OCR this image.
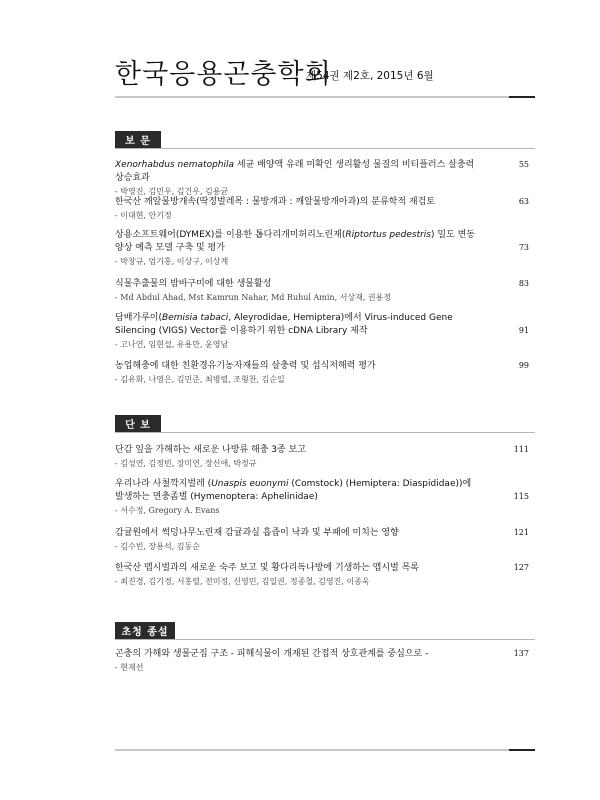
한국응용곤충학회
제54권 제2호, 2015년 6월
보 문
Xenorhabdus nematophila 세균 배양액 유래 미확인 생리활성 물질의 비티플러스 살충력 상승효과
- 박영진, 김민우, 김건우, 김용균
55
한국산 깨알물방개속(딱정벌레목 : 물방개과 : 깨알물방개아과)의 분류학적 재검토
- 이대현, 안기정
63
상용소프트웨어(DYMEX)를 이용한 톱다리개미허리노린재(Riptortus pedestris) 밀도 변동 양상 예측 모델 구축 및 평가
- 박창규, 엄기홍, 이상구, 이상계
73
식물추출물의 밤바구미에 대한 생물활성
- Md Abdul Ahad, Mst Kamrun Nahar, Md Ruhul Amin, 서상재, 권용정
83
담배가루이(Bemisia tabaci, Aleyrodidae, Hemiptera)에서 Virus-induced Gene Silencing (VIGS) Vector를 이용하기 위한 cDNA Library 제작
- 고나연, 임현섭, 유용만, 윤영남
91
농업해충에 대한 친환경유기농자재들의 살충력 및 섭식저해력 평가
- 김유화, 나영은, 김민준, 최병렬, 조형찬, 김순일
99
단 보
단감 잎을 가해하는 새로운 나방류 해충 3종 보고
- 김성연, 김정빈, 장미연, 장신애, 박정규
111
우리나라 사철깍지벌레 (Unaspis euonymi (Comstock) (Hemiptera: Diaspididae))에 발생하는 면충좀벌 (Hymenoptera: Aphelinidae)
- 서수정, Gregory A. Evans
115
감귤원에서 썩덩나무노린재 감귤과실 흡즙이 낙과 및 부패에 미치는 영향
- 김수빈, 장용석, 김동순
121
한국산 맵시벌과의 새로운 숙주 보고 및 황다리독나방에 기생하는 맵시벌 목록
- 최진경, 김기경, 서홍렬, 전미정, 신영민, 김일권, 정종철, 김영진, 이종욱
127
초청 종설
곤충의 가해와 생물군집 구조 - 피해식물이 개재된 간접적 상호관계를 중심으로 -
- 현재선
137
